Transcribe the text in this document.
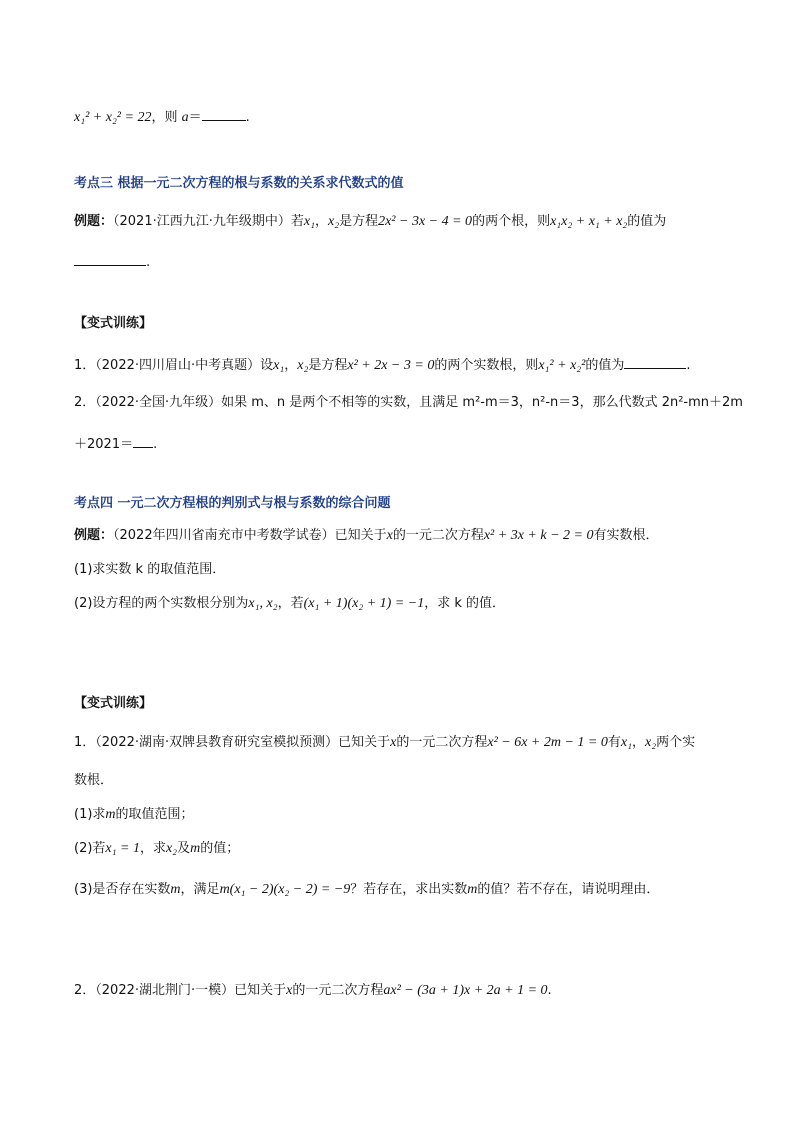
x₁² + x₂² = 22，则 a＝	.
考点三 根据一元二次方程的根与系数的关系求代数式的值
例题：（2021·江西九江·九年级期中）若x₁，x₂是方程2x² − 3x − 4 = 0的两个根，则x₁x₂ + x₁ + x₂的值为
.
【变式训练】
1．（2022·四川眉山·中考真题）设x₁，x₂是方程x² + 2x − 3 = 0的两个实数根，则x₁² + x₂²的值为	.
2．（2022·全国·九年级）如果 m、n 是两个不相等的实数，且满足 m²-m＝3，n²-n＝3，那么代数式 2n²-mn＋2m
＋2021＝ .
考点四 一元二次方程根的判别式与根与系数的综合问题
例题：（2022年四川省南充市中考数学试卷）已知关于x的一元二次方程x² + 3x + k − 2 = 0有实数根．
(1)求实数 k 的取值范围．
(2)设方程的两个实数根分别为x₁, x₂，若(x₁ + 1)(x₂ + 1) = −1，求 k 的值．
【变式训练】
1．（2022·湖南·双牌县教育研究室模拟预测）已知关于x的一元二次方程x² − 6x + 2m − 1 = 0有x₁，x₂两个实
数根．
(1)求m的取值范围；
(2)若x₁ = 1，求x₂及m的值；
(3)是否存在实数m，满足m(x₁ − 2)(x₂ − 2) = −9？若存在，求出实数m的值？若不存在，请说明理由．
2．（2022·湖北荆门·一模）已知关于x的一元二次方程ax² − (3a + 1)x + 2a + 1 = 0.
